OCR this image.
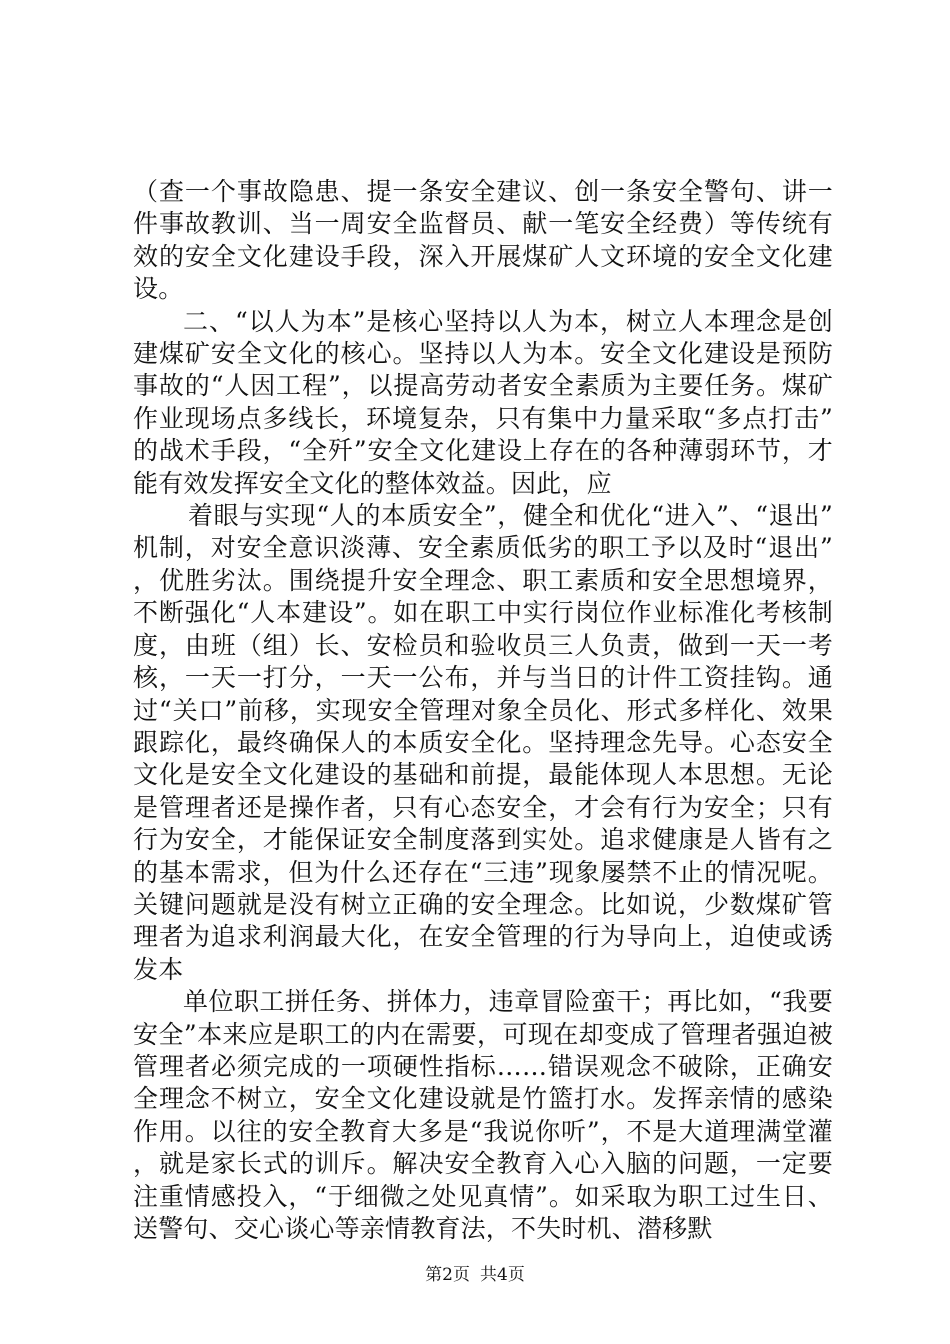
（查一个事故隐患、提一条安全建议、创一条安全警句、讲一件事故教训、当一周安全监督员、献一笔安全经费）等传统有效的安全文化建设手段，深入开展煤矿人文环境的安全文化建设。

二、“以人为本”是核心坚持以人为本，树立人本理念是创建煤矿安全文化的核心。坚持以人为本。安全文化建设是预防事故的“人因工程”，以提高劳动者安全素质为主要任务。煤矿作业现场点多线长，环境复杂，只有集中力量采取“多点打击”的战术手段，“全歼”安全文化建设上存在的各种薄弱环节，才能有效发挥安全文化的整体效益。因此，应

着眼与实现“人的本质安全”，健全和优化“进入”、“退出”机制，对安全意识淡薄、安全素质低劣的职工予以及时“退出”，优胜劣汰。围绕提升安全理念、职工素质和安全思想境界，不断强化“人本建设”。如在职工中实行岗位作业标准化考核制度，由班（组）长、安检员和验收员三人负责，做到一天一考核，一天一打分，一天一公布，并与当日的计件工资挂钩。通过“关口”前移，实现安全管理对象全员化、形式多样化、效果跟踪化，最终确保人的本质安全化。坚持理念先导。心态安全文化是安全文化建设的基础和前提，最能体现人本思想。无论是管理者还是操作者，只有心态安全，才会有行为安全；只有行为安全，才能保证安全制度落到实处。追求健康是人皆有之的基本需求，但为什么还存在“三违”现象屡禁不止的情况呢。关键问题就是没有树立正确的安全理念。比如说，少数煤矿管理者为追求利润最大化，在安全管理的行为导向上，迫使或诱发本

单位职工拼任务、拼体力，违章冒险蛮干；再比如，“我要安全”本来应是职工的内在需要，可现在却变成了管理者强迫被管理者必须完成的一项硬性指标……错误观念不破除，正确安全理念不树立，安全文化建设就是竹篮打水。发挥亲情的感染作用。以往的安全教育大多是“我说你听”，不是大道理满堂灌，就是家长式的训斥。解决安全教育入心入脑的问题，一定要注重情感投入，“于细微之处见真情”。如采取为职工过生日、送警句、交心谈心等亲情教育法，不失时机、潜移默

第2页 共4页
